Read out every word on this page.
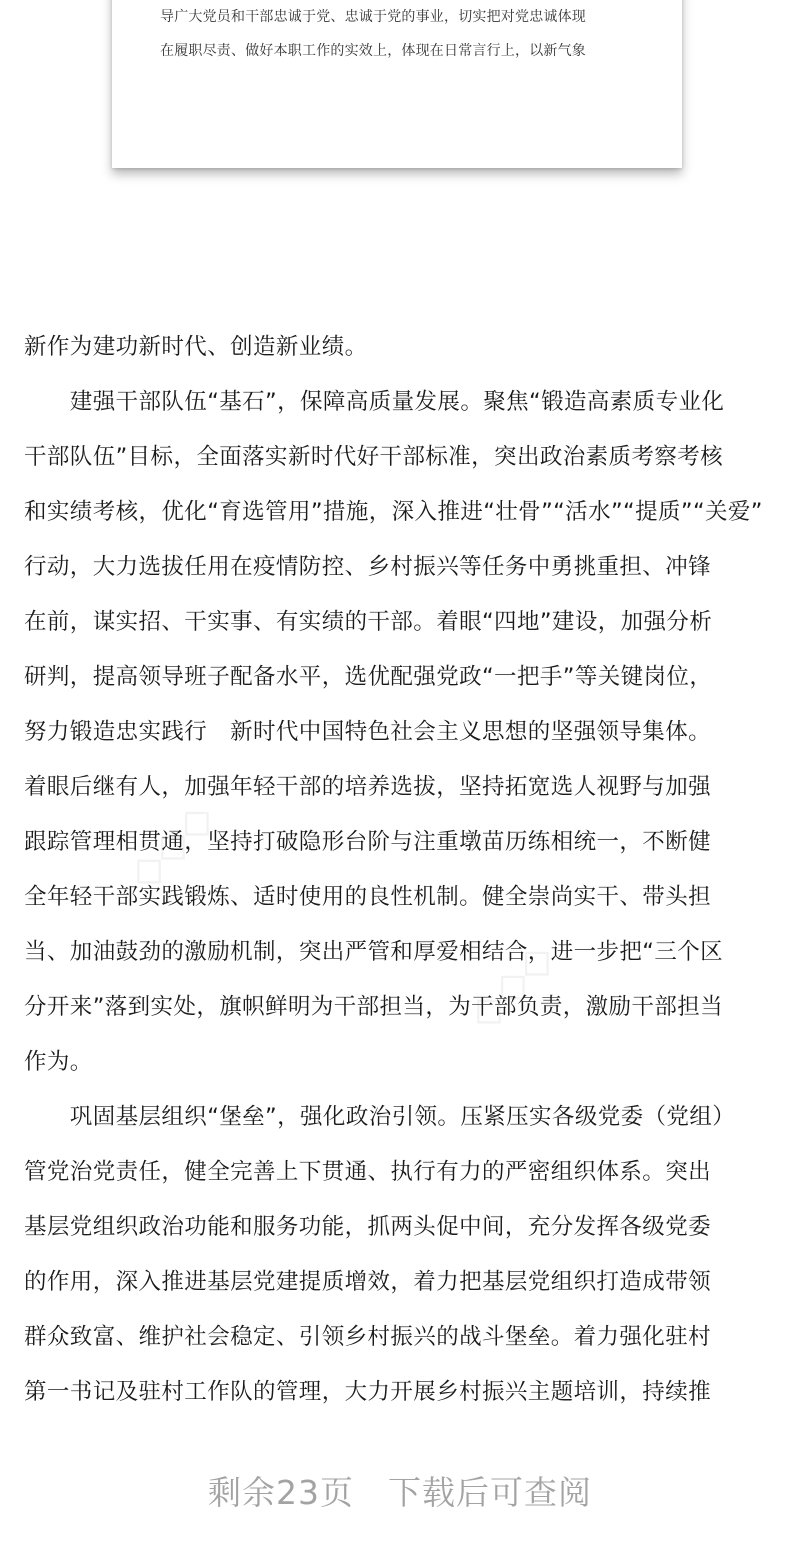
导广大党员和干部忠诚于党、忠诚于党的事业，切实把对党忠诚体现
在履职尽责、做好本职工作的实效上，体现在日常言行上，以新气象
◇◇◇
◇◇◇
新作为建功新时代、创造新业绩。
　　建强干部队伍“基石”，保障高质量发展。聚焦“锻造高素质专业化
干部队伍”目标，全面落实新时代好干部标准，突出政治素质考察考核
和实绩考核，优化“育选管用”措施，深入推进“壮骨”“活水”“提质”“关爱”
行动，大力选拔任用在疫情防控、乡村振兴等任务中勇挑重担、冲锋
在前，谋实招、干实事、有实绩的干部。着眼“四地”建设，加强分析
研判，提高领导班子配备水平，选优配强党政“一把手”等关键岗位，
努力锻造忠实践行　新时代中国特色社会主义思想的坚强领导集体。
着眼后继有人，加强年轻干部的培养选拔，坚持拓宽选人视野与加强
跟踪管理相贯通，坚持打破隐形台阶与注重墩苗历练相统一，不断健
全年轻干部实践锻炼、适时使用的良性机制。健全崇尚实干、带头担
当、加油鼓劲的激励机制，突出严管和厚爱相结合，进一步把“三个区
分开来”落到实处，旗帜鲜明为干部担当，为干部负责，激励干部担当
作为。
　　巩固基层组织“堡垒”，强化政治引领。压紧压实各级党委（党组）
管党治党责任，健全完善上下贯通、执行有力的严密组织体系。突出
基层党组织政治功能和服务功能，抓两头促中间，充分发挥各级党委
的作用，深入推进基层党建提质增效，着力把基层党组织打造成带领
群众致富、维护社会稳定、引领乡村振兴的战斗堡垒。着力强化驻村
第一书记及驻村工作队的管理，大力开展乡村振兴主题培训，持续推
剩余23页　下载后可查阅
